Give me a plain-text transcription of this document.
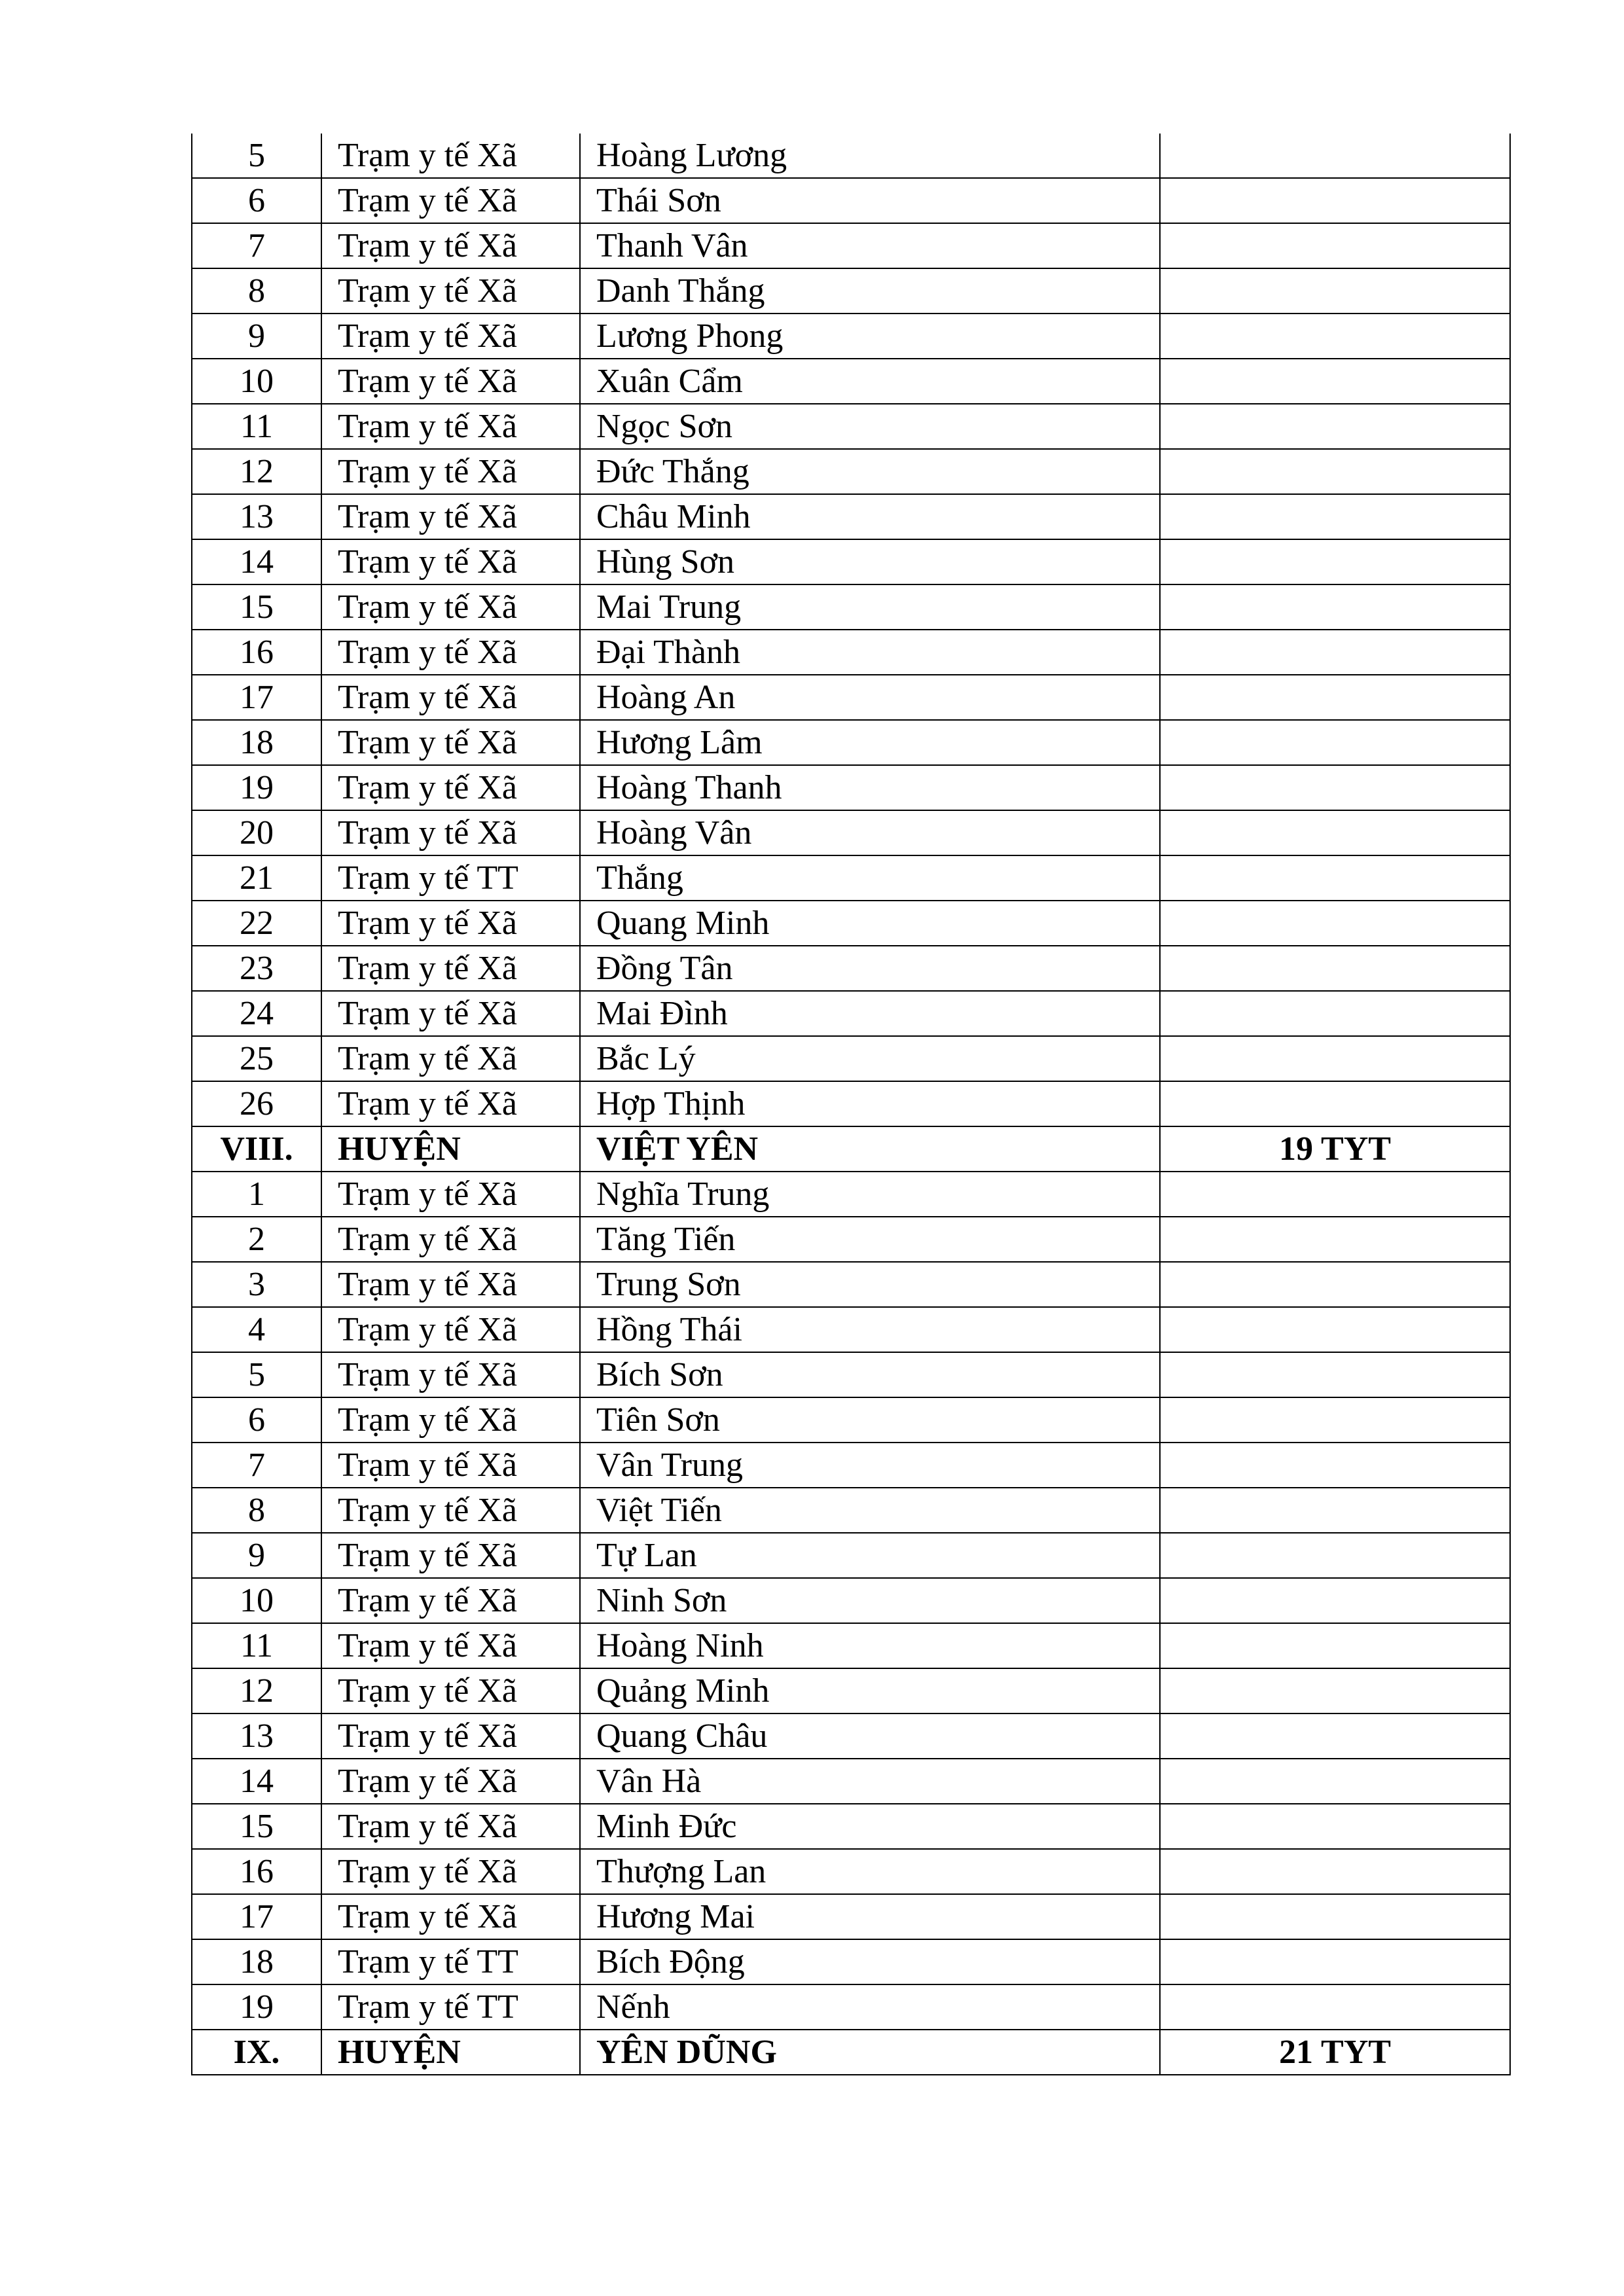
5	Trạm y tế Xã	Hoàng Lương	
6	Trạm y tế Xã	Thái Sơn	
7	Trạm y tế Xã	Thanh Vân	
8	Trạm y tế Xã	Danh Thắng	
9	Trạm y tế Xã	Lương Phong	
10	Trạm y tế Xã	Xuân Cẩm	
11	Trạm y tế Xã	Ngọc Sơn	
12	Trạm y tế Xã	Đức Thắng	
13	Trạm y tế Xã	Châu Minh	
14	Trạm y tế Xã	Hùng Sơn	
15	Trạm y tế Xã	Mai Trung	
16	Trạm y tế Xã	Đại Thành	
17	Trạm y tế Xã	Hoàng An	
18	Trạm y tế Xã	Hương Lâm	
19	Trạm y tế Xã	Hoàng Thanh	
20	Trạm y tế Xã	Hoàng Vân	
21	Trạm y tế TT	Thắng	
22	Trạm y tế Xã	Quang Minh	
23	Trạm y tế Xã	Đồng Tân	
24	Trạm y tế Xã	Mai Đình	
25	Trạm y tế Xã	Bắc Lý	
26	Trạm y tế Xã	Hợp Thịnh	
VIII.	HUYỆN	VIỆT YÊN	19 TYT
1	Trạm y tế Xã	Nghĩa Trung	
2	Trạm y tế Xã	Tăng Tiến	
3	Trạm y tế Xã	Trung Sơn	
4	Trạm y tế Xã	Hồng Thái	
5	Trạm y tế Xã	Bích Sơn	
6	Trạm y tế Xã	Tiên Sơn	
7	Trạm y tế Xã	Vân Trung	
8	Trạm y tế Xã	Việt Tiến	
9	Trạm y tế Xã	Tự Lan	
10	Trạm y tế Xã	Ninh Sơn	
11	Trạm y tế Xã	Hoàng Ninh	
12	Trạm y tế Xã	Quảng Minh	
13	Trạm y tế Xã	Quang Châu	
14	Trạm y tế Xã	Vân Hà	
15	Trạm y tế Xã	Minh Đức	
16	Trạm y tế Xã	Thượng Lan	
17	Trạm y tế Xã	Hương Mai	
18	Trạm y tế TT	Bích Động	
19	Trạm y tế TT	Nếnh	
IX.	HUYỆN	YÊN DŨNG	21 TYT
